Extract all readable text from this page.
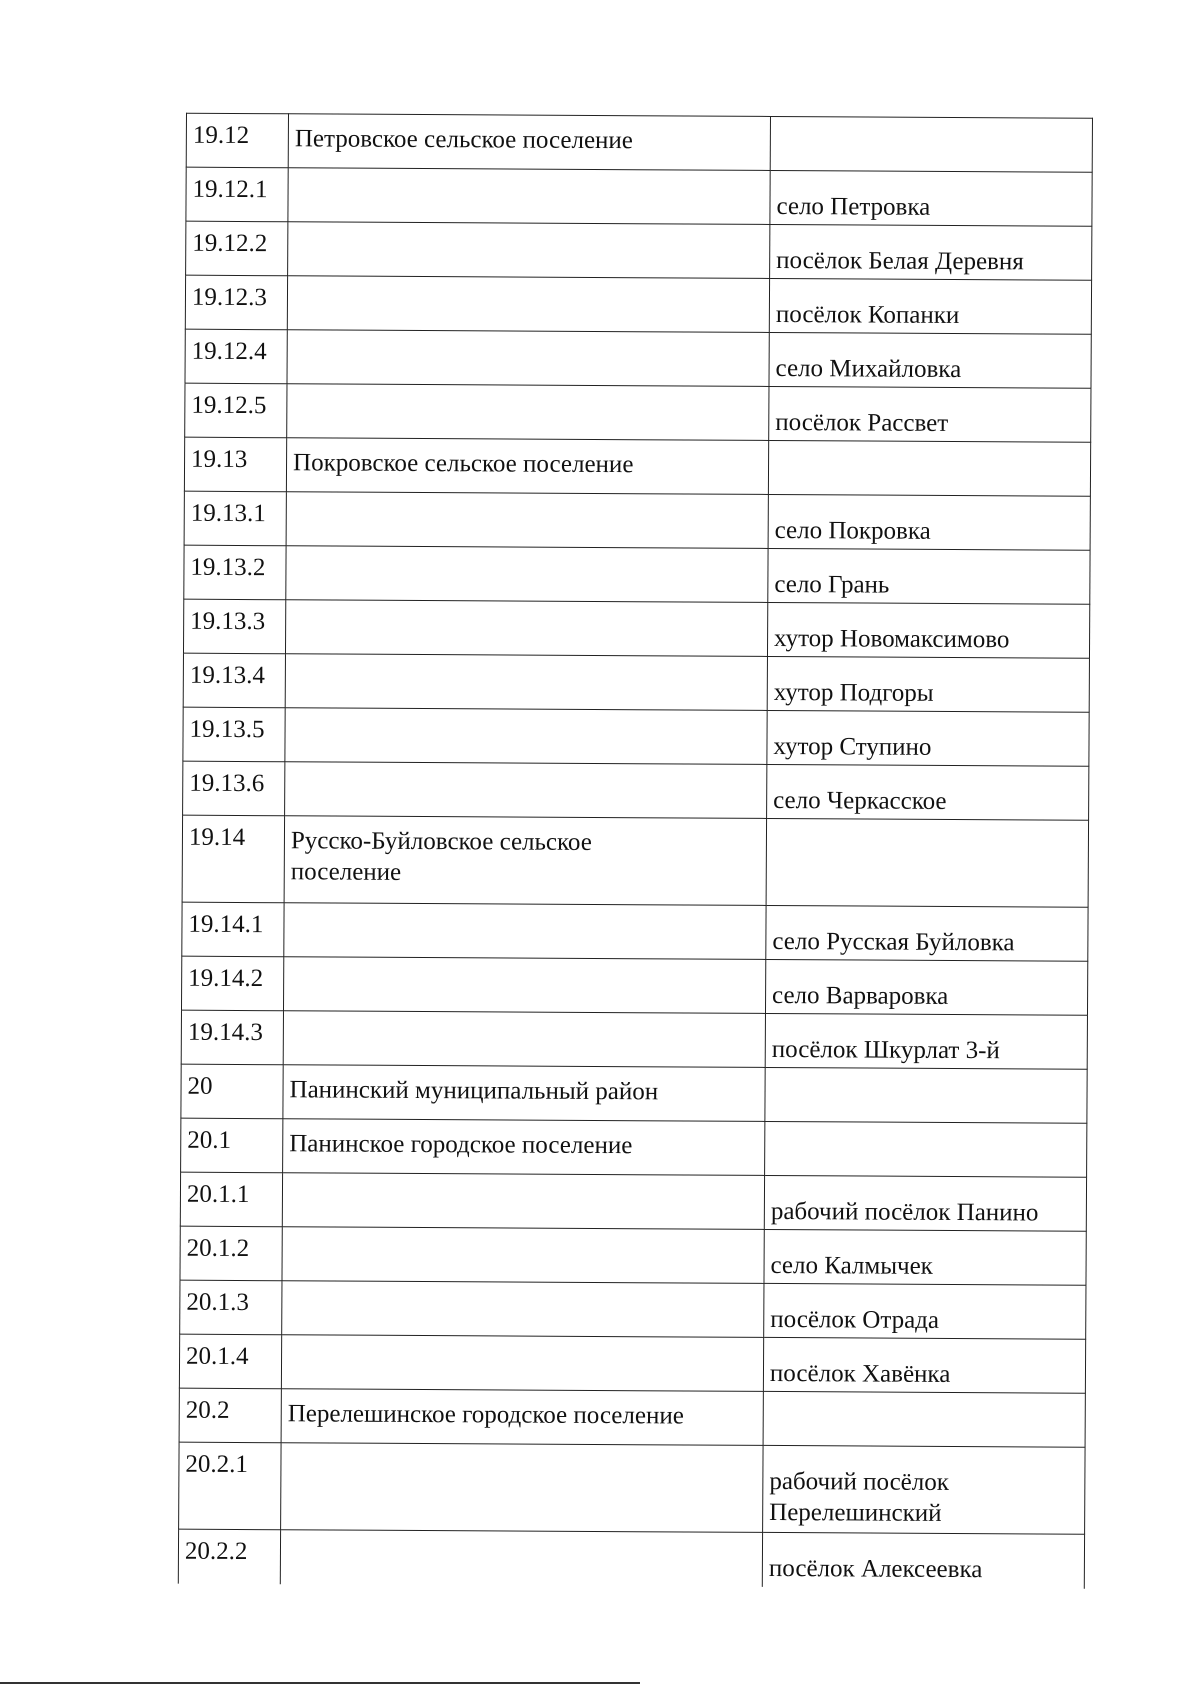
19.12	Петровское сельское поселение	
19.12.1		село Петровка
19.12.2		посёлок Белая Деревня
19.12.3		посёлок Копанки
19.12.4		село Михайловка
19.12.5		посёлок Рассвет
19.13	Покровское сельское поселение	
19.13.1		село Покровка
19.13.2		село Грань
19.13.3		хутор Новомаксимово
19.13.4		хутор Подгоры
19.13.5		хутор Ступино
19.13.6		село Черкасское
19.14	Русско-Буйловское сельское поселение	

19.14.1		село Русская Буйловка
19.14.2		село Варваровка
19.14.3		посёлок Шкурлат 3-й
20	Панинский муниципальный район	
20.1	Панинское городское поселение	
20.1.1		рабочий посёлок Панино
20.1.2		село Калмычек
20.1.3		посёлок Отрада
20.1.4		посёлок Хавёнка
20.2	Перелешинское городское поселение	
20.2.1		рабочий посёлок Перелешинский

20.2.2		посёлок Алексеевка
